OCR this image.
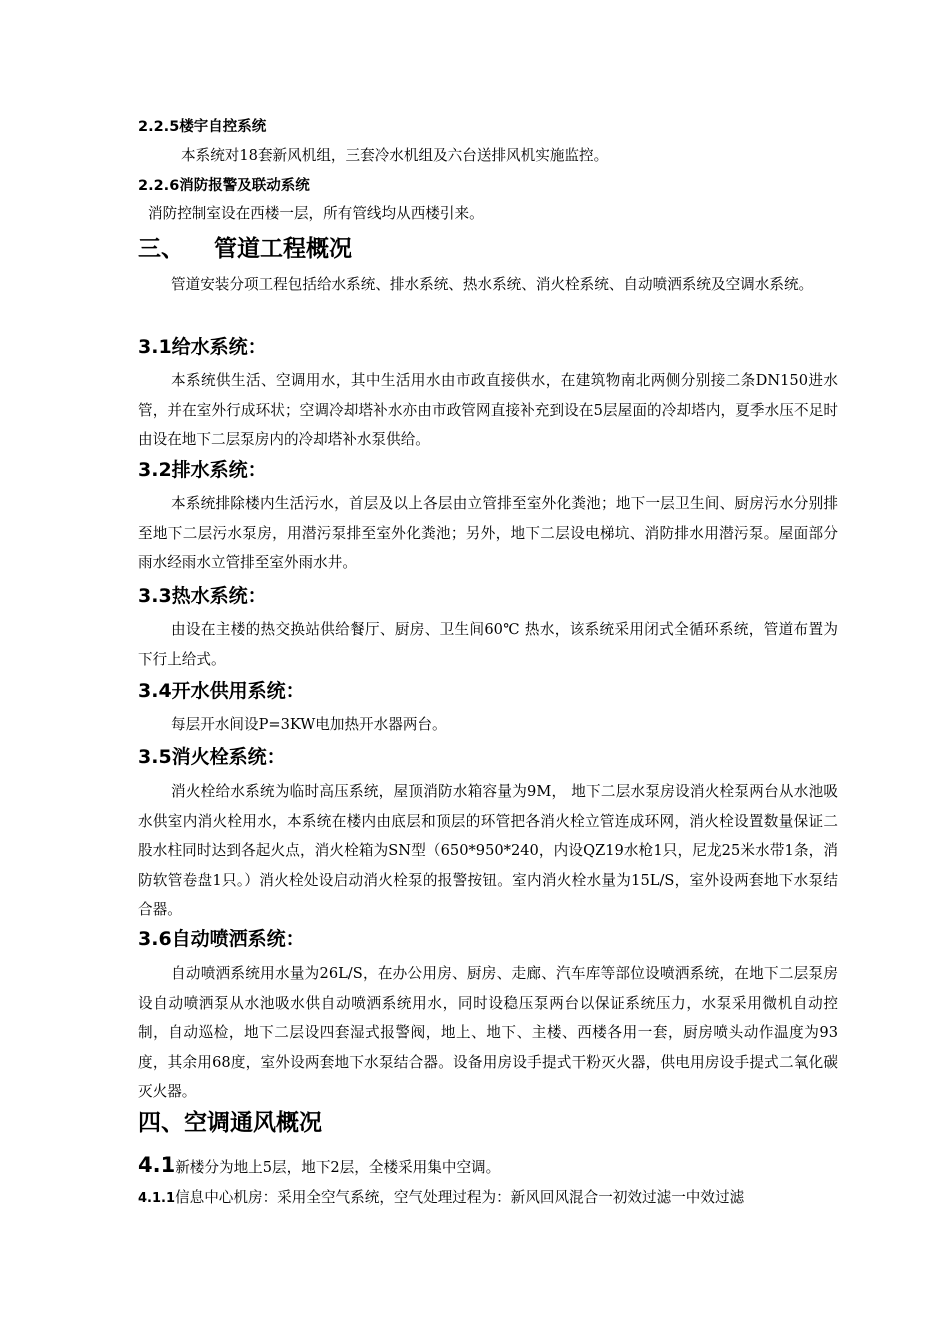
2.2.5楼宇自控系统
本系统对18套新风机组，三套冷水机组及六台送排风机实施监控。
2.2.6消防报警及联动系统
消防控制室设在西楼一层，所有管线均从西楼引来。
三、 管道工程概况
管道安装分项工程包括给水系统、排水系统、热水系统、消火栓系统、自动喷洒系统及空调水系统。
3.1给水系统：
本系统供生活、空调用水，其中生活用水由市政直接供水，在建筑物南北两侧分别接二条DN150进水管，并在室外行成环状；空调冷却塔补水亦由市政管网直接补充到设在5层屋面的冷却塔内，夏季水压不足时由设在地下二层泵房内的冷却塔补水泵供给。
3.2排水系统：
本系统排除楼内生活污水，首层及以上各层由立管排至室外化粪池；地下一层卫生间、厨房污水分别排至地下二层污水泵房，用潜污泵排至室外化粪池；另外，地下二层设电梯坑、消防排水用潜污泵。屋面部分雨水经雨水立管排至室外雨水井。
3.3热水系统：
由设在主楼的热交换站供给餐厅、厨房、卫生间60℃ 热水，该系统采用闭式全循环系统，管道布置为下行上给式。
3.4开水供用系统：
每层开水间设P=3KW电加热开水器两台。
3.5消火栓系统：
消火栓给水系统为临时高压系统，屋顶消防水箱容量为9M， 地下二层水泵房设消火栓泵两台从水池吸水供室内消火栓用水，本系统在楼内由底层和顶层的环管把各消火栓立管连成环网，消火栓设置数量保证二股水柱同时达到各起火点，消火栓箱为SN型（650*950*240，内设QZ19水枪1只，尼龙25米水带1条，消防软管卷盘1只。）消火栓处设启动消火栓泵的报警按钮。室内消火栓水量为15L/S，室外设两套地下水泵结合器。
3.6自动喷洒系统：
自动喷洒系统用水量为26L/S，在办公用房、厨房、走廊、汽车库等部位设喷洒系统，在地下二层泵房设自动喷洒泵从水池吸水供自动喷洒系统用水，同时设稳压泵两台以保证系统压力，水泵采用微机自动控制，自动巡检，地下二层设四套湿式报警阀，地上、地下、主楼、西楼各用一套，厨房喷头动作温度为93度，其余用68度，室外设两套地下水泵结合器。设备用房设手提式干粉灭火器，供电用房设手提式二氧化碳灭火器。
四、空调通风概况
4.1新楼分为地上5层，地下2层，全楼采用集中空调。
4.1.1信息中心机房：采用全空气系统，空气处理过程为：新风回风混合一初效过滤一中效过滤
